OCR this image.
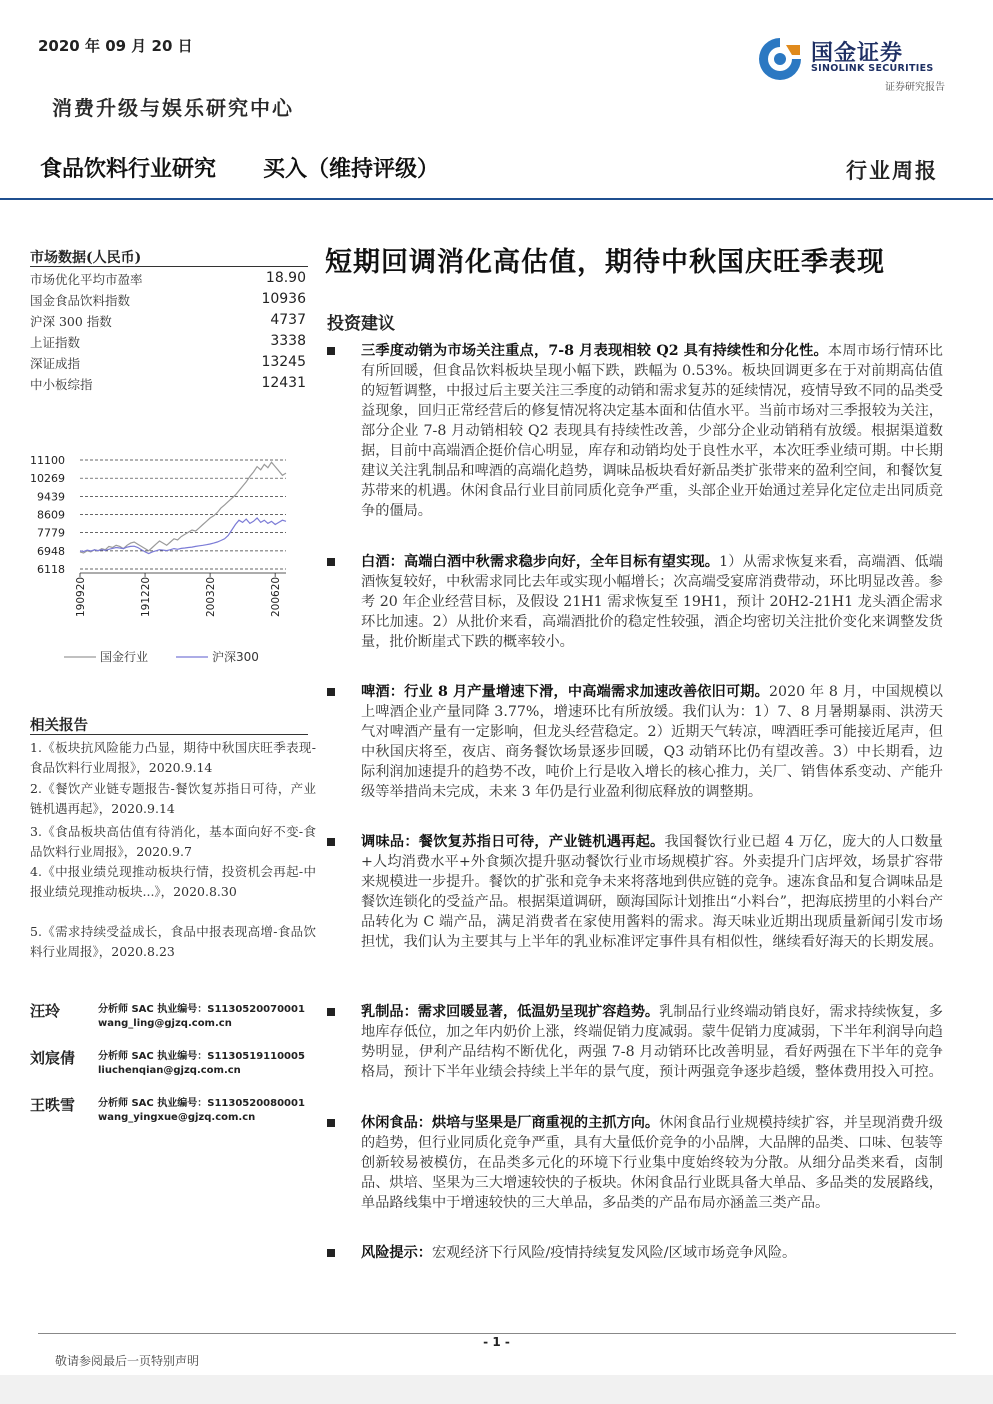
2020 年 09 月 20 日
消费升级与娱乐研究中心
国金证券
SINOLINK SECURITIES
证券研究报告
食品饮料行业研究 买入（维持评级）	行业周报
市场数据(人民币)
市场优化平均市盈率	18.90
国金食品饮料指数	10936
沪深 300 指数	4737
上证指数	3338
深证成指	13245
中小板综指	12431
6118
6948
7779
8609
9439
10269
11100
190920	191220	200320	200620
国金行业	沪深300
相关报告
1.《板块抗风险能力凸显，期待中秋国庆旺季表现-食品饮料行业周报》，2020.9.14
2.《餐饮产业链专题报告-餐饮复苏指日可待，产业链机遇再起》，2020.9.14
3.《食品板块高估值有待消化，基本面向好不变-食品饮料行业周报》，2020.9.7
4.《中报业绩兑现推动板块行情，投资机会再起-中报业绩兑现推动板块...》，2020.8.30
5.《需求持续受益成长，食品中报表现高增-食品饮料行业周报》，2020.8.23
汪玲	分析师 SAC 执业编号：S1130520070001
wang_ling@gjzq.com.cn
刘宸倩 分析师 SAC 执业编号：S1130519110005
liuchenqian@gjzq.com.cn
王昳雪 分析师 SAC 执业编号：S1130520080001
wang_yingxue@gjzq.com.cn
短期回调消化高估值，期待中秋国庆旺季表现
投资建议
三季度动销为市场关注重点，7-8 月表现相较 Q2 具有持续性和分化性。本周市场行情环比有所回暖，但食品饮料板块呈现小幅下跌，跌幅为 0.53%。板块回调更多在于对前期高估值的短暂调整，中报过后主要关注三季度的动销和需求复苏的延续情况，疫情导致不同的品类受益现象，回归正常经营后的修复情况将决定基本面和估值水平。当前市场对三季报较为关注，部分企业 7-8 月动销相较 Q2 表现具有持续性改善，少部分企业动销稍有放缓。根据渠道数据，目前中高端酒企挺价信心明显，库存和动销均处于良性水平，本次旺季业绩可期。中长期建议关注乳制品和啤酒的高端化趋势，调味品板块看好新品类扩张带来的盈利空间，和餐饮复苏带来的机遇。休闲食品行业目前同质化竞争严重，头部企业开始通过差异化定位走出同质竞争的僵局。
白酒：高端白酒中秋需求稳步向好，全年目标有望实现。1）从需求恢复来看，高端酒、低端酒恢复较好，中秋需求同比去年或实现小幅增长；次高端受宴席消费带动，环比明显改善。参考 20 年企业经营目标，及假设 21H1 需求恢复至 19H1，预计 20H2-21H1 龙头酒企需求环比加速。2）从批价来看，高端酒批价的稳定性较强，酒企均密切关注批价变化来调整发货量，批价断崖式下跌的概率较小。
啤酒：行业 8 月产量增速下滑，中高端需求加速改善依旧可期。2020 年 8 月，中国规模以上啤酒企业产量同降 3.77%，增速环比有所放缓。我们认为：1）7、8 月暑期暴雨、洪涝天气对啤酒产量有一定影响，但龙头经营稳定。2）近期天气转凉，啤酒旺季可能接近尾声，但中秋国庆将至，夜店、商务餐饮场景逐步回暖，Q3 动销环比仍有望改善。3）中长期看，边际利润加速提升的趋势不改，吨价上行是收入增长的核心推力，关厂、销售体系变动、产能升级等举措尚未完成，未来 3 年仍是行业盈利彻底释放的调整期。
调味品：餐饮复苏指日可待，产业链机遇再起。我国餐饮行业已超 4 万亿，庞大的人口数量+人均消费水平+外食频次提升驱动餐饮行业市场规模扩容。外卖提升门店坪效，场景扩容带来规模进一步提升。餐饮的扩张和竞争未来将落地到供应链的竞争。速冻食品和复合调味品是餐饮连锁化的受益产品。根据渠道调研，颐海国际计划推出“小料台”，把海底捞里的小料台产品转化为 C 端产品，满足消费者在家使用酱料的需求。海天味业近期出现质量新闻引发市场担忧，我们认为主要其与上半年的乳业标准评定事件具有相似性，继续看好海天的长期发展。
乳制品：需求回暖显著，低温奶呈现扩容趋势。乳制品行业终端动销良好，需求持续恢复，多地库存低位，加之年内奶价上涨，终端促销力度减弱。蒙牛促销力度减弱，下半年利润导向趋势明显，伊利产品结构不断优化，两强 7-8 月动销环比改善明显，看好两强在下半年的竞争格局，预计下半年业绩会持续上半年的景气度，预计两强竞争逐步趋缓，整体费用投入可控。
休闲食品：烘培与坚果是厂商重视的主抓方向。休闲食品行业规模持续扩容，并呈现消费升级的趋势，但行业同质化竞争严重，具有大量低价竞争的小品牌，大品牌的品类、口味、包装等创新较易被模仿，在品类多元化的环境下行业集中度始终较为分散。从细分品类来看，卤制品、烘培、坚果为三大增速较快的子板块。休闲食品行业既具备大单品、多品类的发展路线，单品路线集中于增速较快的三大单品，多品类的产品布局亦涵盖三类产品。
风险提示：宏观经济下行风险/疫情持续复发风险/区域市场竞争风险。
- 1 -
敬请参阅最后一页特别声明
